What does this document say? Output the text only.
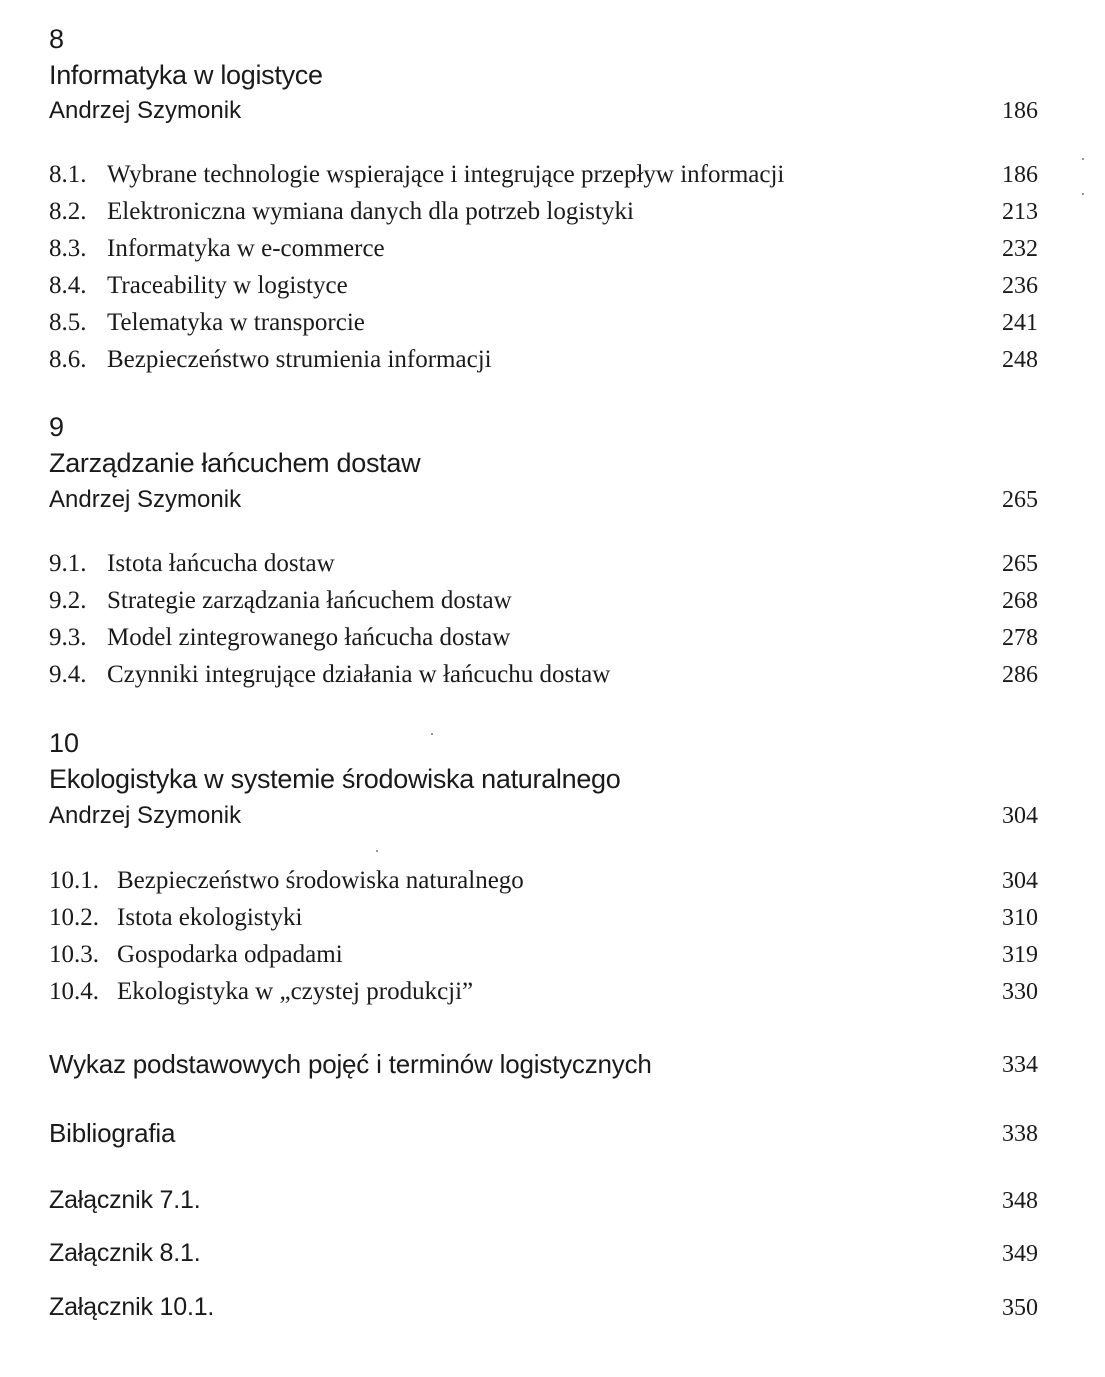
8
Informatyka w logistyce
Andrzej Szymonik	186
8.1. Wybrane technologie wspierające i integrujące przepływ informacji	186
8.2. Elektroniczna wymiana danych dla potrzeb logistyki	213
8.3. Informatyka w e-commerce	232
8.4. Traceability w logistyce	236
8.5. Telematyka w transporcie	241
8.6. Bezpieczeństwo strumienia informacji	248
9
Zarządzanie łańcuchem dostaw
Andrzej Szymonik	265
9.1. Istota łańcucha dostaw	265
9.2. Strategie zarządzania łańcuchem dostaw	268
9.3. Model zintegrowanego łańcucha dostaw	278
9.4. Czynniki integrujące działania w łańcuchu dostaw	286
10
Ekologistyka w systemie środowiska naturalnego
Andrzej Szymonik	304
10.1. Bezpieczeństwo środowiska naturalnego	304
10.2. Istota ekologistyki	310
10.3. Gospodarka odpadami	319
10.4. Ekologistyka w „czystej produkcji”	330
Wykaz podstawowych pojęć i terminów logistycznych	334
Bibliografia	338
Załącznik 7.1.	348
Załącznik 8.1.	349
Załącznik 10.1.	350
